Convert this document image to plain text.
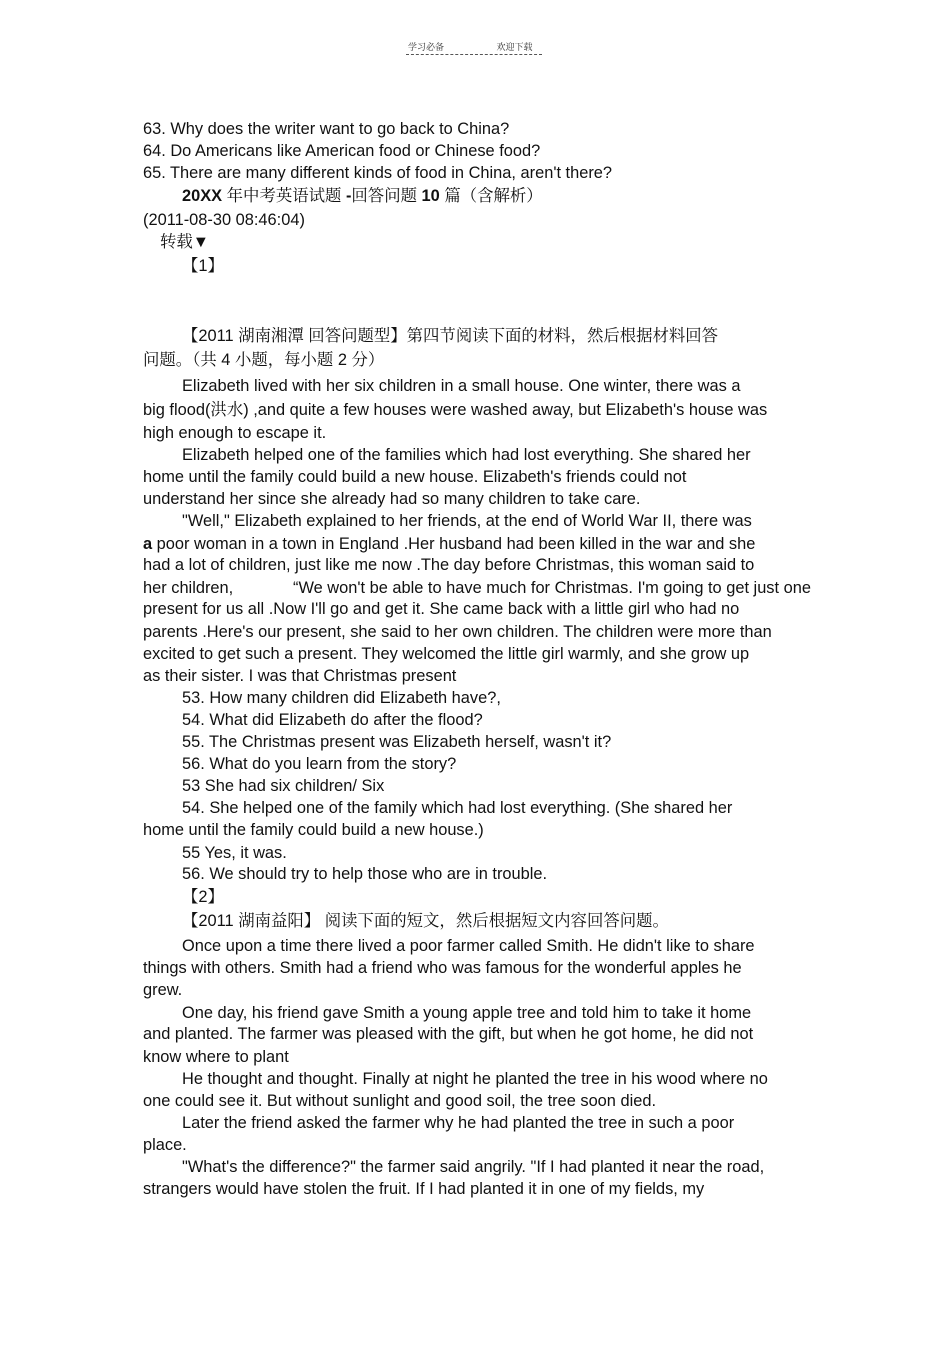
学习必备	欢迎下载
63. Why does the writer want to go back to China?
64. Do Americans like American food or Chinese food?
65. There are many different kinds of food in China, aren't there?
20XX 年中考英语试题 -回答问题 10 篇（含解析）
(2011-08-30 08:46:04)
转载▼
【1】
【2011 湖南湘潭 回答问题型】第四节阅读下面的材料，然后根据材料回答
问题。（共 4 小题，每小题 2 分）
Elizabeth lived with her six children in a small house. One winter, there was a
big flood(洪水) ,and quite a few houses were washed away, but Elizabeth's house was
high enough to escape it.
Elizabeth helped one of the families which had lost everything. She shared her
home until the family could build a new house. Elizabeth's friends could not
understand her since she already had so many children to take care.
"Well," Elizabeth explained to her friends, at the end of World War II, there was
a poor woman in a town in England .Her husband had been killed in the war and she
had a lot of children, just like me now .The day before Christmas, this woman said to
her children,	“We won't be able to have much for Christmas. I'm going to get just one
present for us all .Now I'll go and get it. She came back with a little girl who had no
parents .Here's our present, she said to her own children. The children were more than
excited to get such a present. They welcomed the little girl warmly, and she grow up
as their sister. I was that Christmas present
53. How many children did Elizabeth have?,
54. What did Elizabeth do after the flood?
55. The Christmas present was Elizabeth herself, wasn't it?
56. What do you learn from the story?
53 She had six children/ Six
54. She helped one of the family which had lost everything. (She shared her
home until the family could build a new house.)
55 Yes, it was.
56. We should try to help those who are in trouble.
【2】
【2011 湖南益阳】 阅读下面的短文，然后根据短文内容回答问题。
Once upon a time there lived a poor farmer called Smith. He didn't like to share
things with others. Smith had a friend who was famous for the wonderful apples he
grew.
One day, his friend gave Smith a young apple tree and told him to take it home
and planted. The farmer was pleased with the gift, but when he got home, he did not
know where to plant
He thought and thought. Finally at night he planted the tree in his wood where no
one could see it. But without sunlight and good soil, the tree soon died.
Later the friend asked the farmer why he had planted the tree in such a poor
place.
"What's the difference?" the farmer said angrily. "If I had planted it near the road,
strangers would have stolen the fruit. If I had planted it in one of my fields, my
